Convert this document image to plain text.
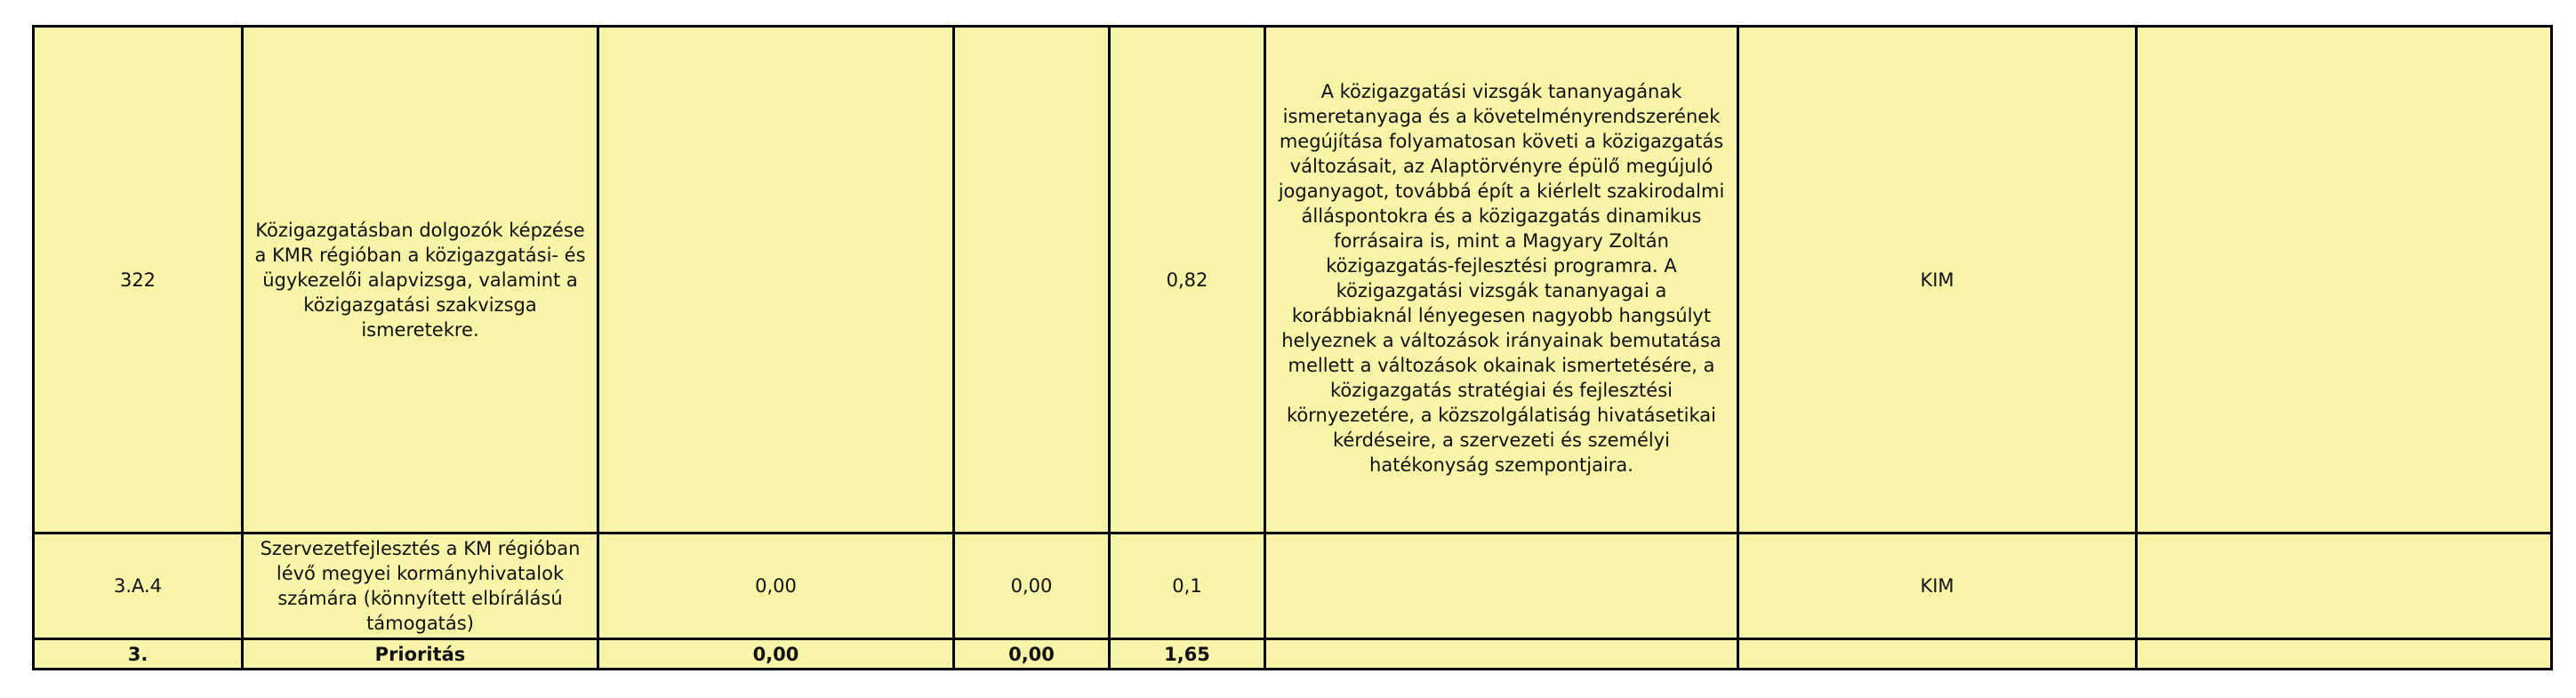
322	Közigazgatásban dolgozók képzése a KMR régióban a közigazgatási- és ügykezelői alapvizsga, valamint a közigazgatási szakvizsga ismeretekre.			0,82	A közigazgatási vizsgák tananyagának ismeretanyaga és a követelményrendszerének megújítása folyamatosan követi a közigazgatás változásait, az Alaptörvényre épülő megújuló joganyagot, továbbá épít a kiérlelt szakirodalmi álláspontokra és a közigazgatás dinamikus forrásaira is, mint a Magyary Zoltán közigazgatás-fejlesztési programra. A közigazgatási vizsgák tananyagai a korábbiaknál lényegesen nagyobb hangsúlyt helyeznek a változások irányainak bemutatása mellett a változások okainak ismertetésére, a közigazgatás stratégiai és fejlesztési környezetére, a közszolgálatiság hivatásetikai kérdéseire, a szervezeti és személyi hatékonyság szempontjaira.	KIM	
3.A.4	Szervezetfejlesztés a KM régióban lévő megyei kormányhivatalok számára (könnyített elbírálású támogatás)	0,00	0,00	0,1		KIM	
3.	Prioritás	0,00	0,00	1,65			
